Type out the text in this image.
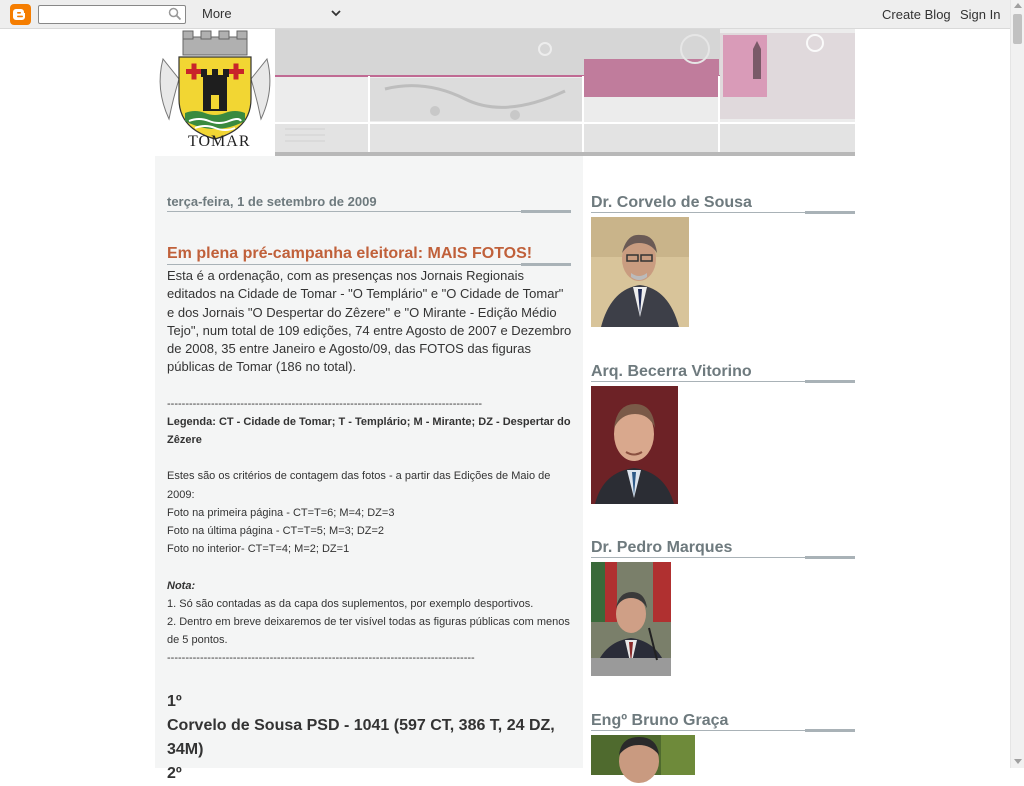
More	Create Blog Sign In
TOMAR
terça-feira, 1 de setembro de 2009
Em plena pré-campanha eleitoral: MAIS FOTOS!
Esta é a ordenação, com as presenças nos Jornais Regionais editados na Cidade de Tomar - "O Templário" e "O Cidade de Tomar" e dos Jornais "O Despertar do Zêzere" e "O Mirante - Edição Médio Tejo", num total de 109 edições, 74 entre Agosto de 2007 e Dezembro de 2008, 35 entre Janeiro e Agosto/09, das FOTOS das figuras públicas de Tomar (186 no total).
--------------------------------------------------------------------------------------
Legenda: CT - Cidade de Tomar; T - Templário; M - Mirante; DZ - Despertar do Zêzere
Estes são os critérios de contagem das fotos - a partir das Edições de Maio de 2009:
Foto na primeira página - CT=T=6; M=4; DZ=3
Foto na última página - CT=T=5; M=3; DZ=2
Foto no interior- CT=T=4; M=2; DZ=1
Nota:
1. Só são contadas as da capa dos suplementos, por exemplo desportivos.
2. Dentro em breve deixaremos de ter visível todas as figuras públicas com menos de 5 pontos.
------------------------------------------------------------------------------------
1º
Corvelo de Sousa PSD - 1041 (597 CT, 386 T, 24 DZ, 34M)
2º
Dr. Corvelo de Sousa
Arq. Becerra Vitorino
Dr. Pedro Marques
Engº Bruno Graça
